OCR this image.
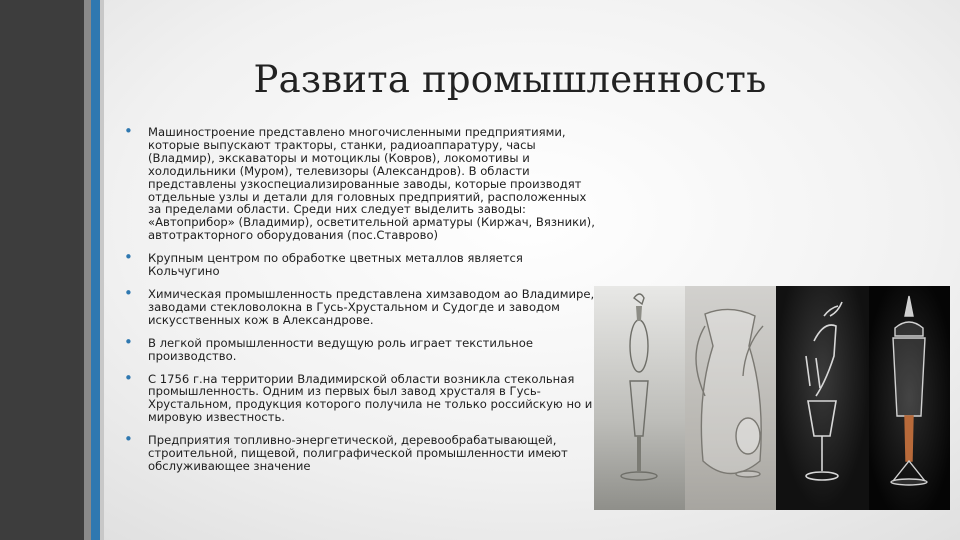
Развита промышленность
• Машиностроение представлено многочисленными предприятиями, которые выпускают тракторы, станки, радиоаппаратуру, часы (Владмир), экскаваторы и мотоциклы (Ковров), локомотивы и холодильники (Муром), телевизоры (Александров). В области представлены узкоспециализированные заводы, которые производят отдельные узлы и детали для головных предприятий, расположенных за пределами области. Среди них следует выделить заводы: «Автоприбор» (Владимир), осветительной арматуры (Киржач, Вязники), автотракторного оборудования (пос.Ставрово)
• Крупным центром по обработке цветных металлов является Кольчугино
• Химическая промышленность представлена химзаводом ао Владимире, заводами стекловолокна в Гусь-Хрустальном и Судогде и заводом искусственных кож в Александрове.
• В легкой промышленности ведущую роль играет текстильное производство.
• С 1756 г.на территории Владимирской области возникла стекольная промышленность. Одним из первых был завод хрусталя в Гусь-Хрустальном, продукция которого получила не только российскую но и мировую известность.
• Предприятия топливно-энергетической, деревообрабатывающей, строительной, пищевой, полиграфической промышленности имеют обслуживающее значение
